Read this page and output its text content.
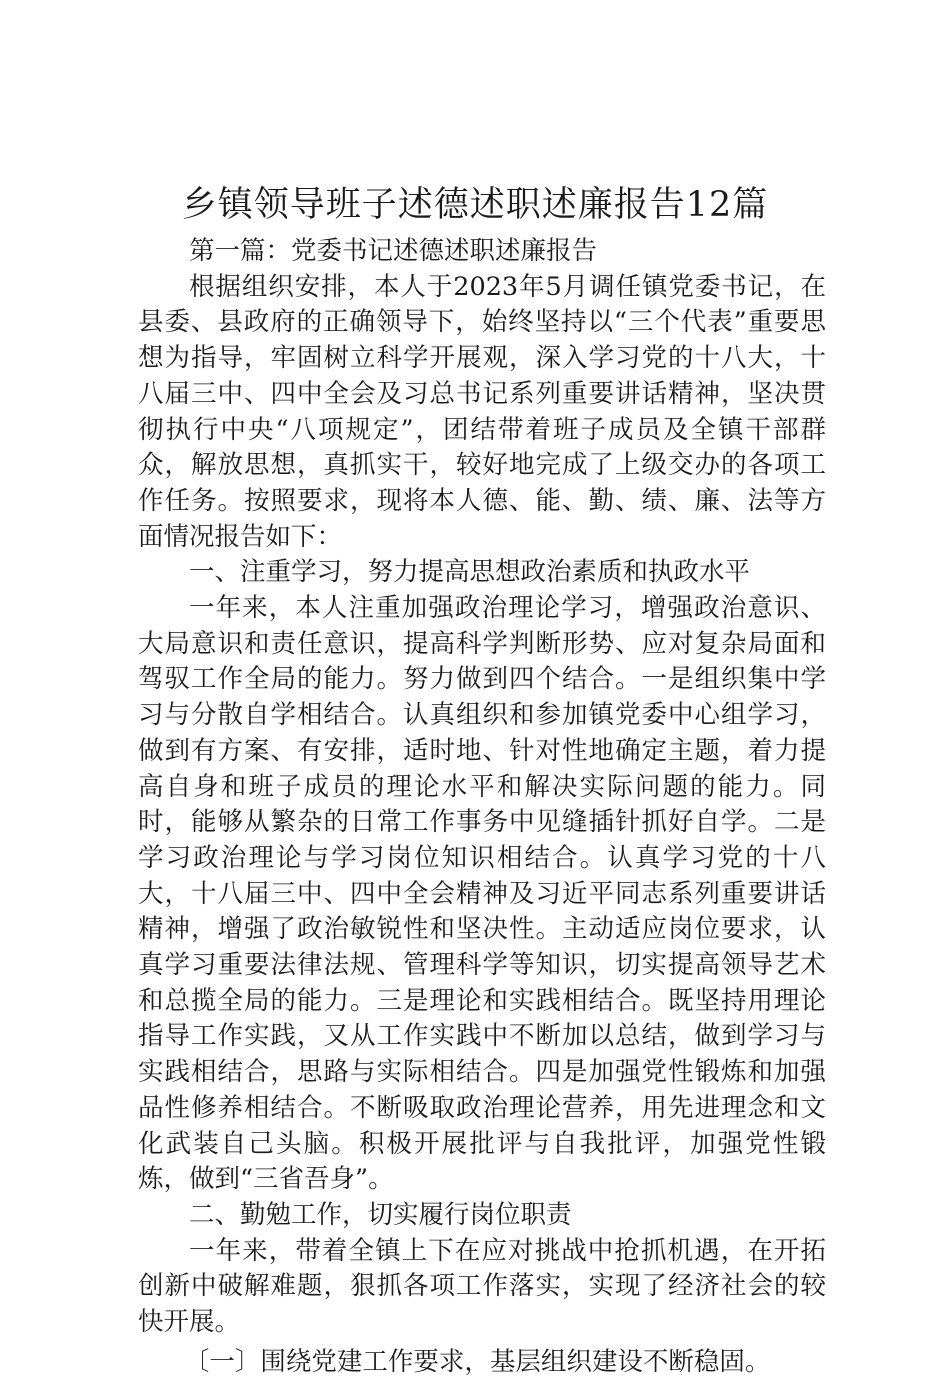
乡镇领导班子述德述职述廉报告12篇

第一篇：党委书记述德述职述廉报告

根据组织安排，本人于2023年5月调任镇党委书记，在县委、县政府的正确领导下，始终坚持以“三个代表”重要思想为指导，牢固树立科学开展观，深入学习党的十八大，十八届三中、四中全会及习总书记系列重要讲话精神，坚决贯彻执行中央“八项规定”，团结带着班子成员及全镇干部群众，解放思想，真抓实干，较好地完成了上级交办的各项工作任务。按照要求，现将本人德、能、勤、绩、廉、法等方面情况报告如下：

一、注重学习，努力提高思想政治素质和执政水平

一年来，本人注重加强政治理论学习，增强政治意识、大局意识和责任意识，提高科学判断形势、应对复杂局面和驾驭工作全局的能力。努力做到四个结合。一是组织集中学习与分散自学相结合。认真组织和参加镇党委中心组学习，做到有方案、有安排，适时地、针对性地确定主题，着力提高自身和班子成员的理论水平和解决实际问题的能力。同时，能够从繁杂的日常工作事务中见缝插针抓好自学。二是学习政治理论与学习岗位知识相结合。认真学习党的十八大，十八届三中、四中全会精神及习近平同志系列重要讲话精神，增强了政治敏锐性和坚决性。主动适应岗位要求，认真学习重要法律法规、管理科学等知识，切实提高领导艺术和总揽全局的能力。三是理论和实践相结合。既坚持用理论指导工作实践，又从工作实践中不断加以总结，做到学习与实践相结合，思路与实际相结合。四是加强党性锻炼和加强品性修养相结合。不断吸取政治理论营养，用先进理念和文化武装自己头脑。积极开展批评与自我批评，加强党性锻炼，做到“三省吾身”。

二、勤勉工作，切实履行岗位职责

一年来，带着全镇上下在应对挑战中抢抓机遇，在开拓创新中破解难题，狠抓各项工作落实，实现了经济社会的较快开展。

〔一〕围绕党建工作要求，基层组织建设不断稳固。
